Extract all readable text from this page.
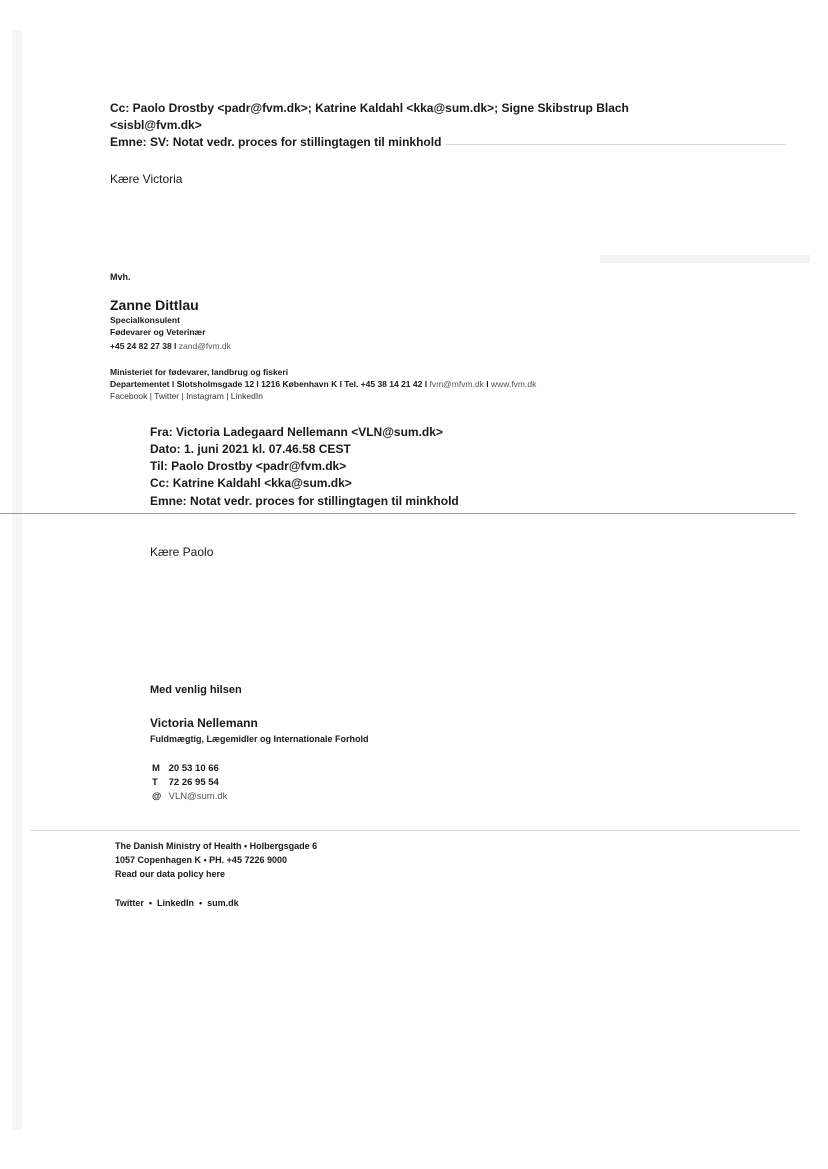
Cc: Paolo Drostby <padr@fvm.dk>; Katrine Kaldahl <kka@sum.dk>; Signe Skibstrup Blach
<sisbl@fvm.dk>
Emne: SV: Notat vedr. proces for stillingtagen til minkhold
Kære Victoria
Mvh.
Zanne Dittlau
Specialkonsulent
Fødevarer og Veterinær
+45 24 82 27 38 l zand@fvm.dk
Ministeriet for fødevarer, landbrug og fiskeri
Departementet l Slotsholmsgade 12 l 1216 København K l Tel. +45 38 14 21 42 l fvm@mfvm.dk l www.fvm.dk
Facebook | Twitter | Instagram | LinkedIn
Fra: Victoria Ladegaard Nellemann <VLN@sum.dk>
Dato: 1. juni 2021 kl. 07.46.58 CEST
Til: Paolo Drostby <padr@fvm.dk>
Cc: Katrine Kaldahl <kka@sum.dk>
Emne: Notat vedr. proces for stillingtagen til minkhold
Kære Paolo
Med venlig hilsen
Victoria Nellemann
Fuldmægtig, Lægemidler og Internationale Forhold
M 20 53 10 66
T 72 26 95 54
@ VLN@sum.dk
The Danish Ministry of Health • Holbergsgade 6
1057 Copenhagen K • PH. +45 7226 9000
Read our data policy here
Twitter  •  LinkedIn  •  sum.dk
